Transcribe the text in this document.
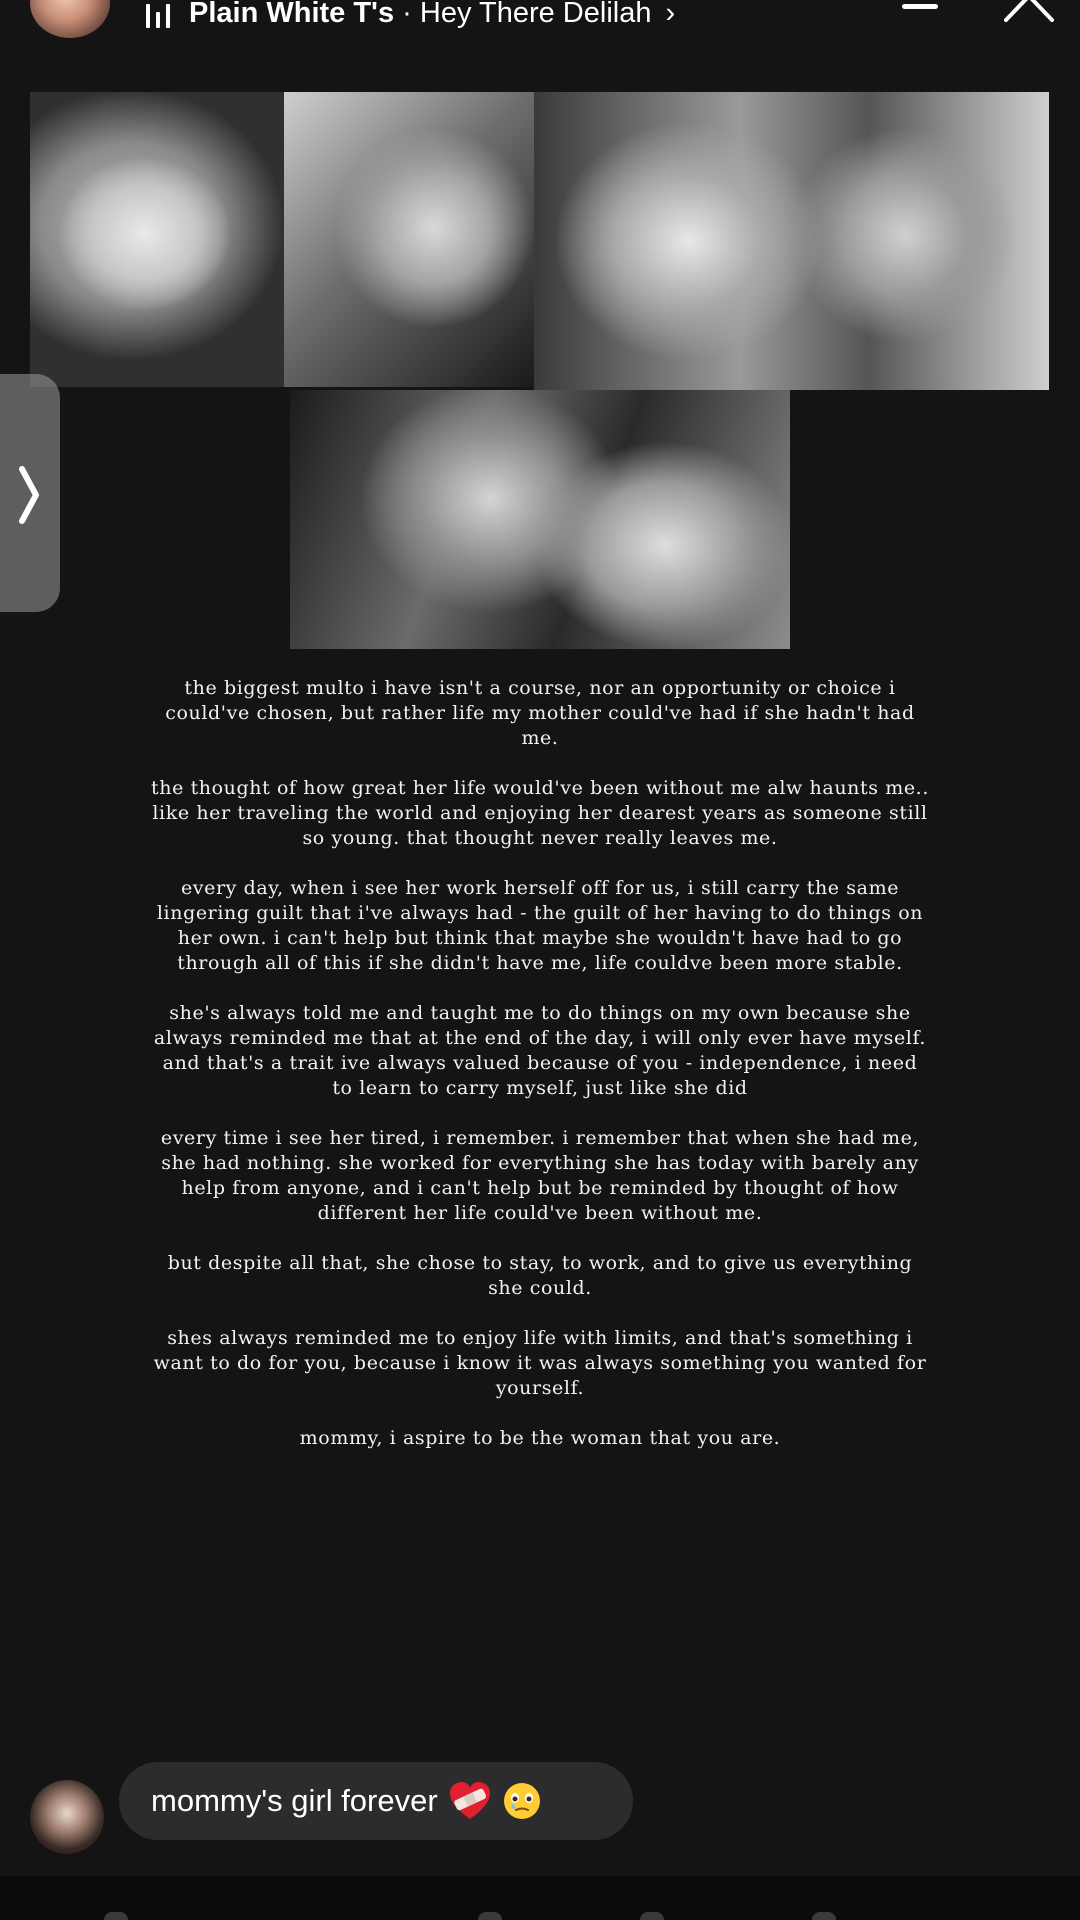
Plain White T's · Hey There Delilah ›

the biggest multo i have isn't a course, nor an opportunity or choice i could've chosen, but rather life my mother could've had if she hadn't had me.

the thought of how great her life would've been without me alw haunts me.. like her traveling the world and enjoying her dearest years as someone still so young. that thought never really leaves me.

every day, when i see her work herself off for us, i still carry the same lingering guilt that i've always had - the guilt of her having to do things on her own. i can't help but think that maybe she wouldn't have had to go through all of this if she didn't have me, life couldve been more stable.

she's always told me and taught me to do things on my own because she always reminded me that at the end of the day, i will only ever have myself. and that's a trait ive always valued because of you - independence, i need to learn to carry myself, just like she did

every time i see her tired, i remember. i remember that when she had me, she had nothing. she worked for everything she has today with barely any help from anyone, and i can't help but be reminded by thought of how different her life could've been without me.

but despite all that, she chose to stay, to work, and to give us everything she could.

shes always reminded me to enjoy life with limits, and that's something i want to do for you, because i know it was always something you wanted for yourself.

mommy, i aspire to be the woman that you are.

mommy's girl forever
